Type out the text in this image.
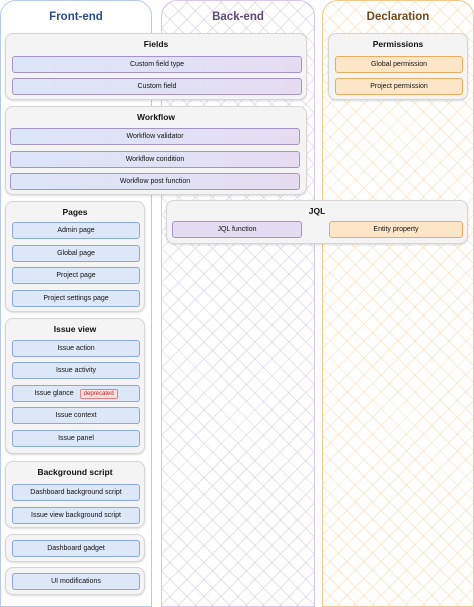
Front-end	Back-end	Declaration
Fields
Custom field type
Custom field
Workflow
Workflow validator
Workflow condition
Workflow post function
Pages
Admin page
Global page
Project page
Project settings page
Issue view
Issue action
Issue activity
Issue glance	deprecated
Issue context
Issue panel
Background script
Dashboard background script
Issue view background script
Dashboard gadget
UI modifications
Permissions
Global permission
Project permission
JQL
JQL function	Entity property
